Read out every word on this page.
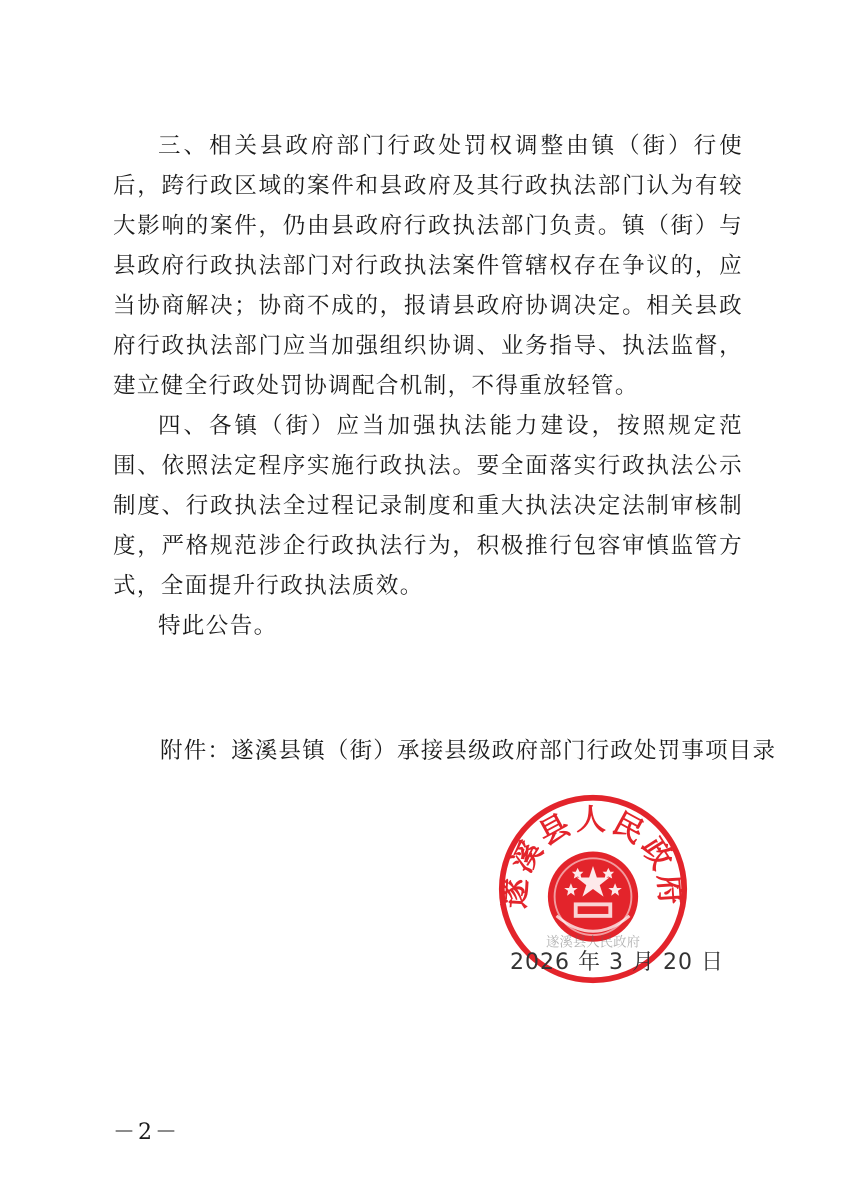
三、相关县政府部门行政处罚权调整由镇（街）行使后，跨行政区域的案件和县政府及其行政执法部门认为有较大影响的案件，仍由县政府行政执法部门负责。镇（街）与县政府行政执法部门对行政执法案件管辖权存在争议的，应当协商解决；协商不成的，报请县政府协调决定。相关县政府行政执法部门应当加强组织协调、业务指导、执法监督，建立健全行政处罚协调配合机制，不得重放轻管。

四、各镇（街）应当加强执法能力建设，按照规定范围、依照法定程序实施行政执法。要全面落实行政执法公示制度、行政执法全过程记录制度和重大执法决定法制审核制度，严格规范涉企行政执法行为，积极推行包容审慎监管方式，全面提升行政执法质效。

特此公告。

附件：遂溪县镇（街）承接县级政府部门行政处罚事项目录
遂溪县人民政府
遂溪县人民政府
2026 年 3 月 20 日
－2－
